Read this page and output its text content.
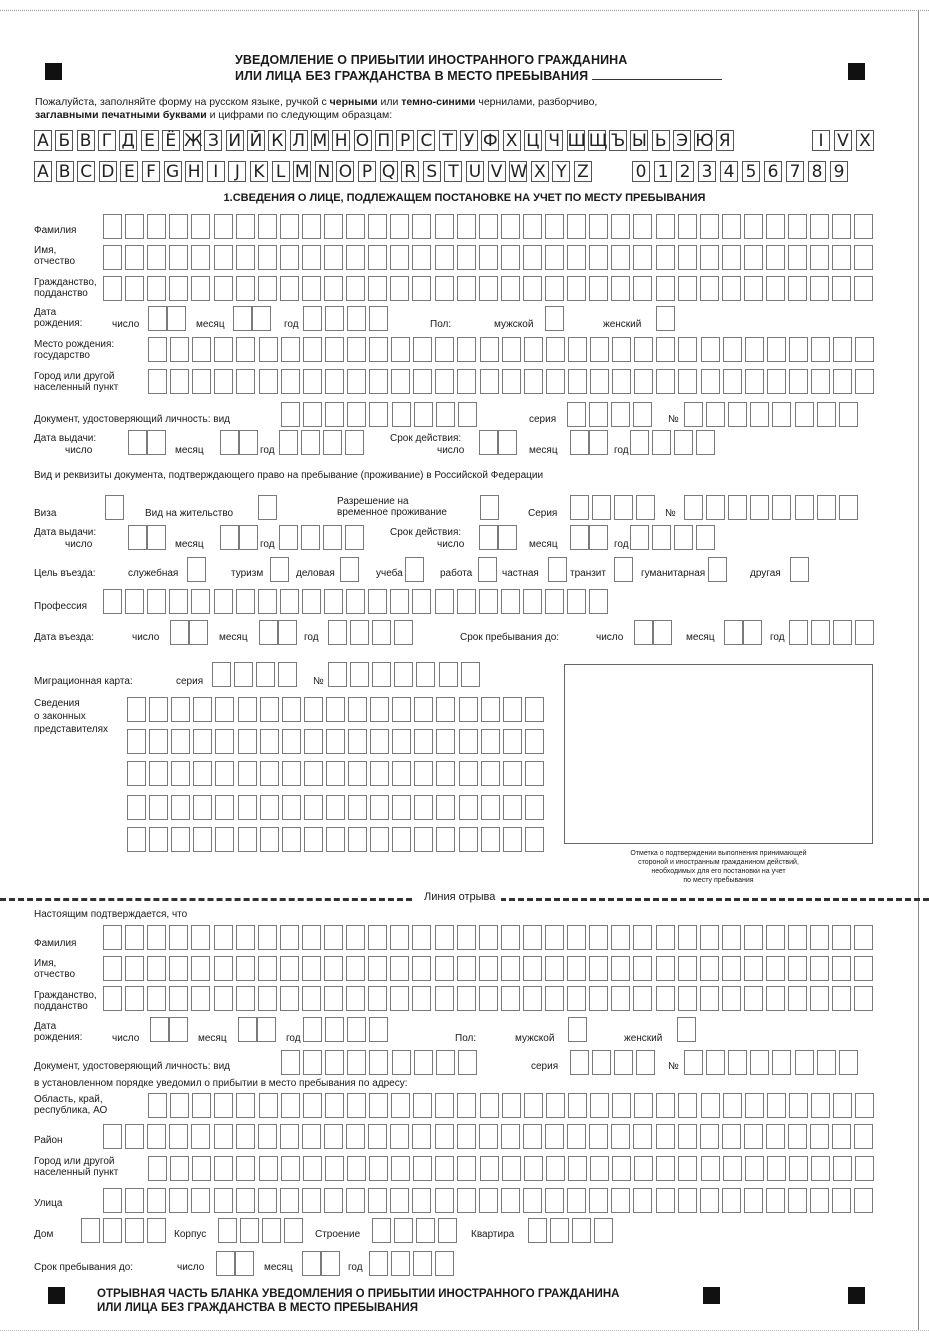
УВЕДОМЛЕНИЕ О ПРИБЫТИИ ИНОСТРАННОГО ГРАЖДАНИНА
ИЛИ ЛИЦА БЕЗ ГРАЖДАНСТВА В МЕСТО ПРЕБЫВАНИЯ
Пожалуйста, заполняйте форму на русском языке, ручкой с черными или темно-синими чернилами, разборчиво,
заглавными печатными буквами и цифрами по следующим образцам:
А Б В Г Д Е Ё Ж З И Й К Л М Н О П Р С Т У Ф Х Ц Ч Ш Щ Ъ Ы Ь Э Ю Я	I V X
A B C D E F G H I J K L M N O P Q R S T U V W X Y Z	0 1 2 3 4 5 6 7 8 9
1.СВЕДЕНИЯ О ЛИЦЕ, ПОДЛЕЖАЩЕМ ПОСТАНОВКЕ НА УЧЕТ ПО МЕСТУ ПРЕБЫВАНИЯ
Фамилия
Имя,
отчество
Гражданство,
подданство
Дата
рождения:	число	месяц	год	Пол:	мужской	женский
Место рождения:
государство
Город или другой
населенный пункт
Документ, удостоверяющий личность: вид	серия	№
Дата выдачи:
число	месяц	год
Срок действия:
число	месяц	год
Вид и реквизиты документа, подтверждающего право на пребывание (проживание) в Российской Федерации
Виза	Вид на жительство
Разрешение на
временное проживание	Серия	№
Дата выдачи:
число	месяц	год
Срок действия:
число	месяц	год
Цель въезда:	служебная	туризм	деловая	учеба	работа	частная	транзит	гуманитарная	другая
Профессия
Дата въезда:	число	месяц	год	Срок пребывания до:	число	месяц	год
Миграционная карта:	серия	№
Сведения
о законных
представителях
Отметка о подтверждении выполнения принимающей
стороной и иностранным гражданином действий,
необходимых для его постановки на учет
по месту пребывания
Линия отрыва
Настоящим подтверждается, что
Фамилия
Имя,
отчество
Гражданство,
подданство
Дата
рождения:	число	месяц	год	Пол:	мужской	женский
Документ, удостоверяющий личность: вид	серия	№
в установленном порядке уведомил о прибытии в место пребывания по адресу:
Область, край,
республика, АО
Район
Город или другой
населенный пункт
Улица
Дом	Корпус	Строение	Квартира
Срок пребывания до:	число	месяц	год
ОТРЫВНАЯ ЧАСТЬ БЛАНКА УВЕДОМЛЕНИЯ О ПРИБЫТИИ ИНОСТРАННОГО ГРАЖДАНИНА
ИЛИ ЛИЦА БЕЗ ГРАЖДАНСТВА В МЕСТО ПРЕБЫВАНИЯ
